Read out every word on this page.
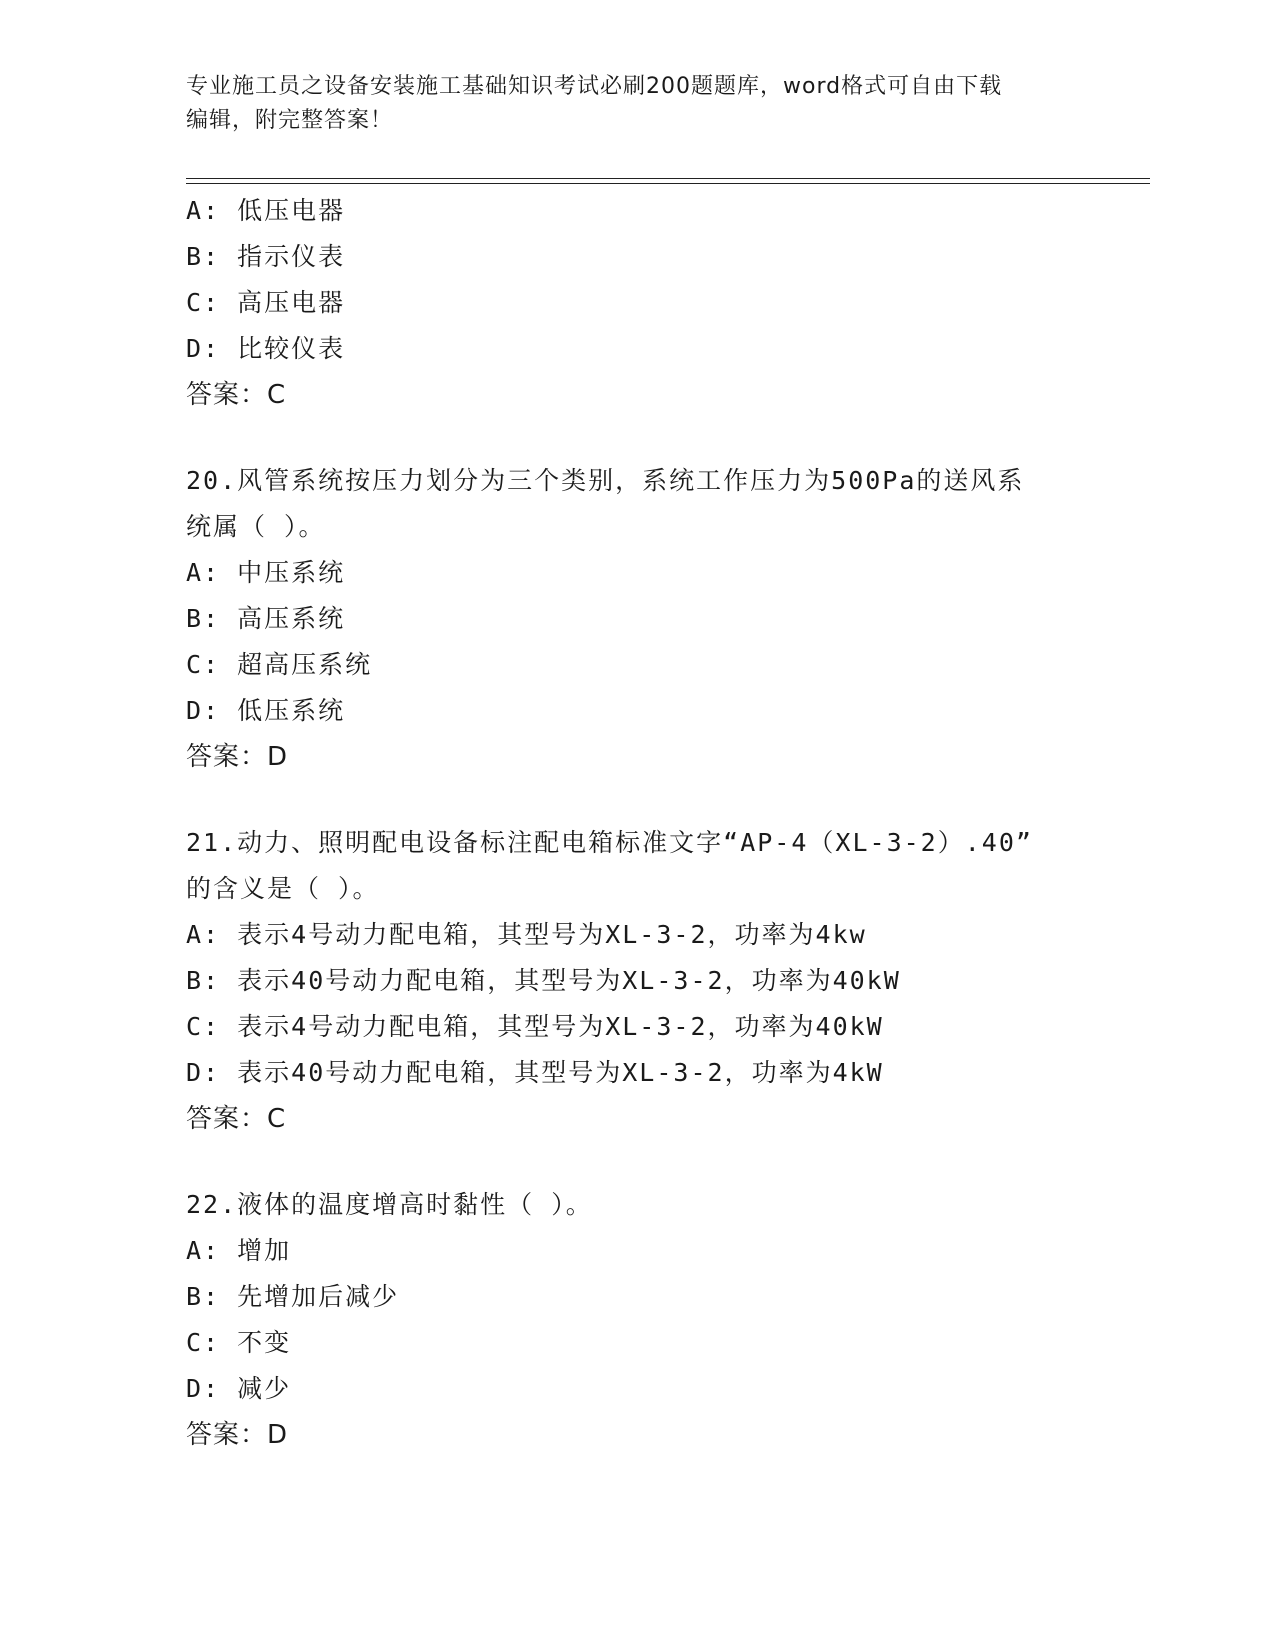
专业施工员之设备安装施工基础知识考试必刷200题题库，word格式可自由下载
编辑，附完整答案！
A: 低压电器
B: 指示仪表
C: 高压电器
D: 比较仪表
答案：C
20.风管系统按压力划分为三个类别，系统工作压力为500Pa的送风系
统属（ ）。
A: 中压系统
B: 高压系统
C: 超高压系统
D: 低压系统
答案：D
21.动力、照明配电设备标注配电箱标准文字“AP-4（XL-3-2）.40”
的含义是（ ）。
A: 表示4号动力配电箱，其型号为XL-3-2，功率为4kw
B: 表示40号动力配电箱，其型号为XL-3-2，功率为40kW
C: 表示4号动力配电箱，其型号为XL-3-2，功率为40kW
D: 表示40号动力配电箱，其型号为XL-3-2，功率为4kW
答案：C
22.液体的温度增高时黏性（ ）。
A: 增加
B: 先增加后减少
C: 不变
D: 减少
答案：D
